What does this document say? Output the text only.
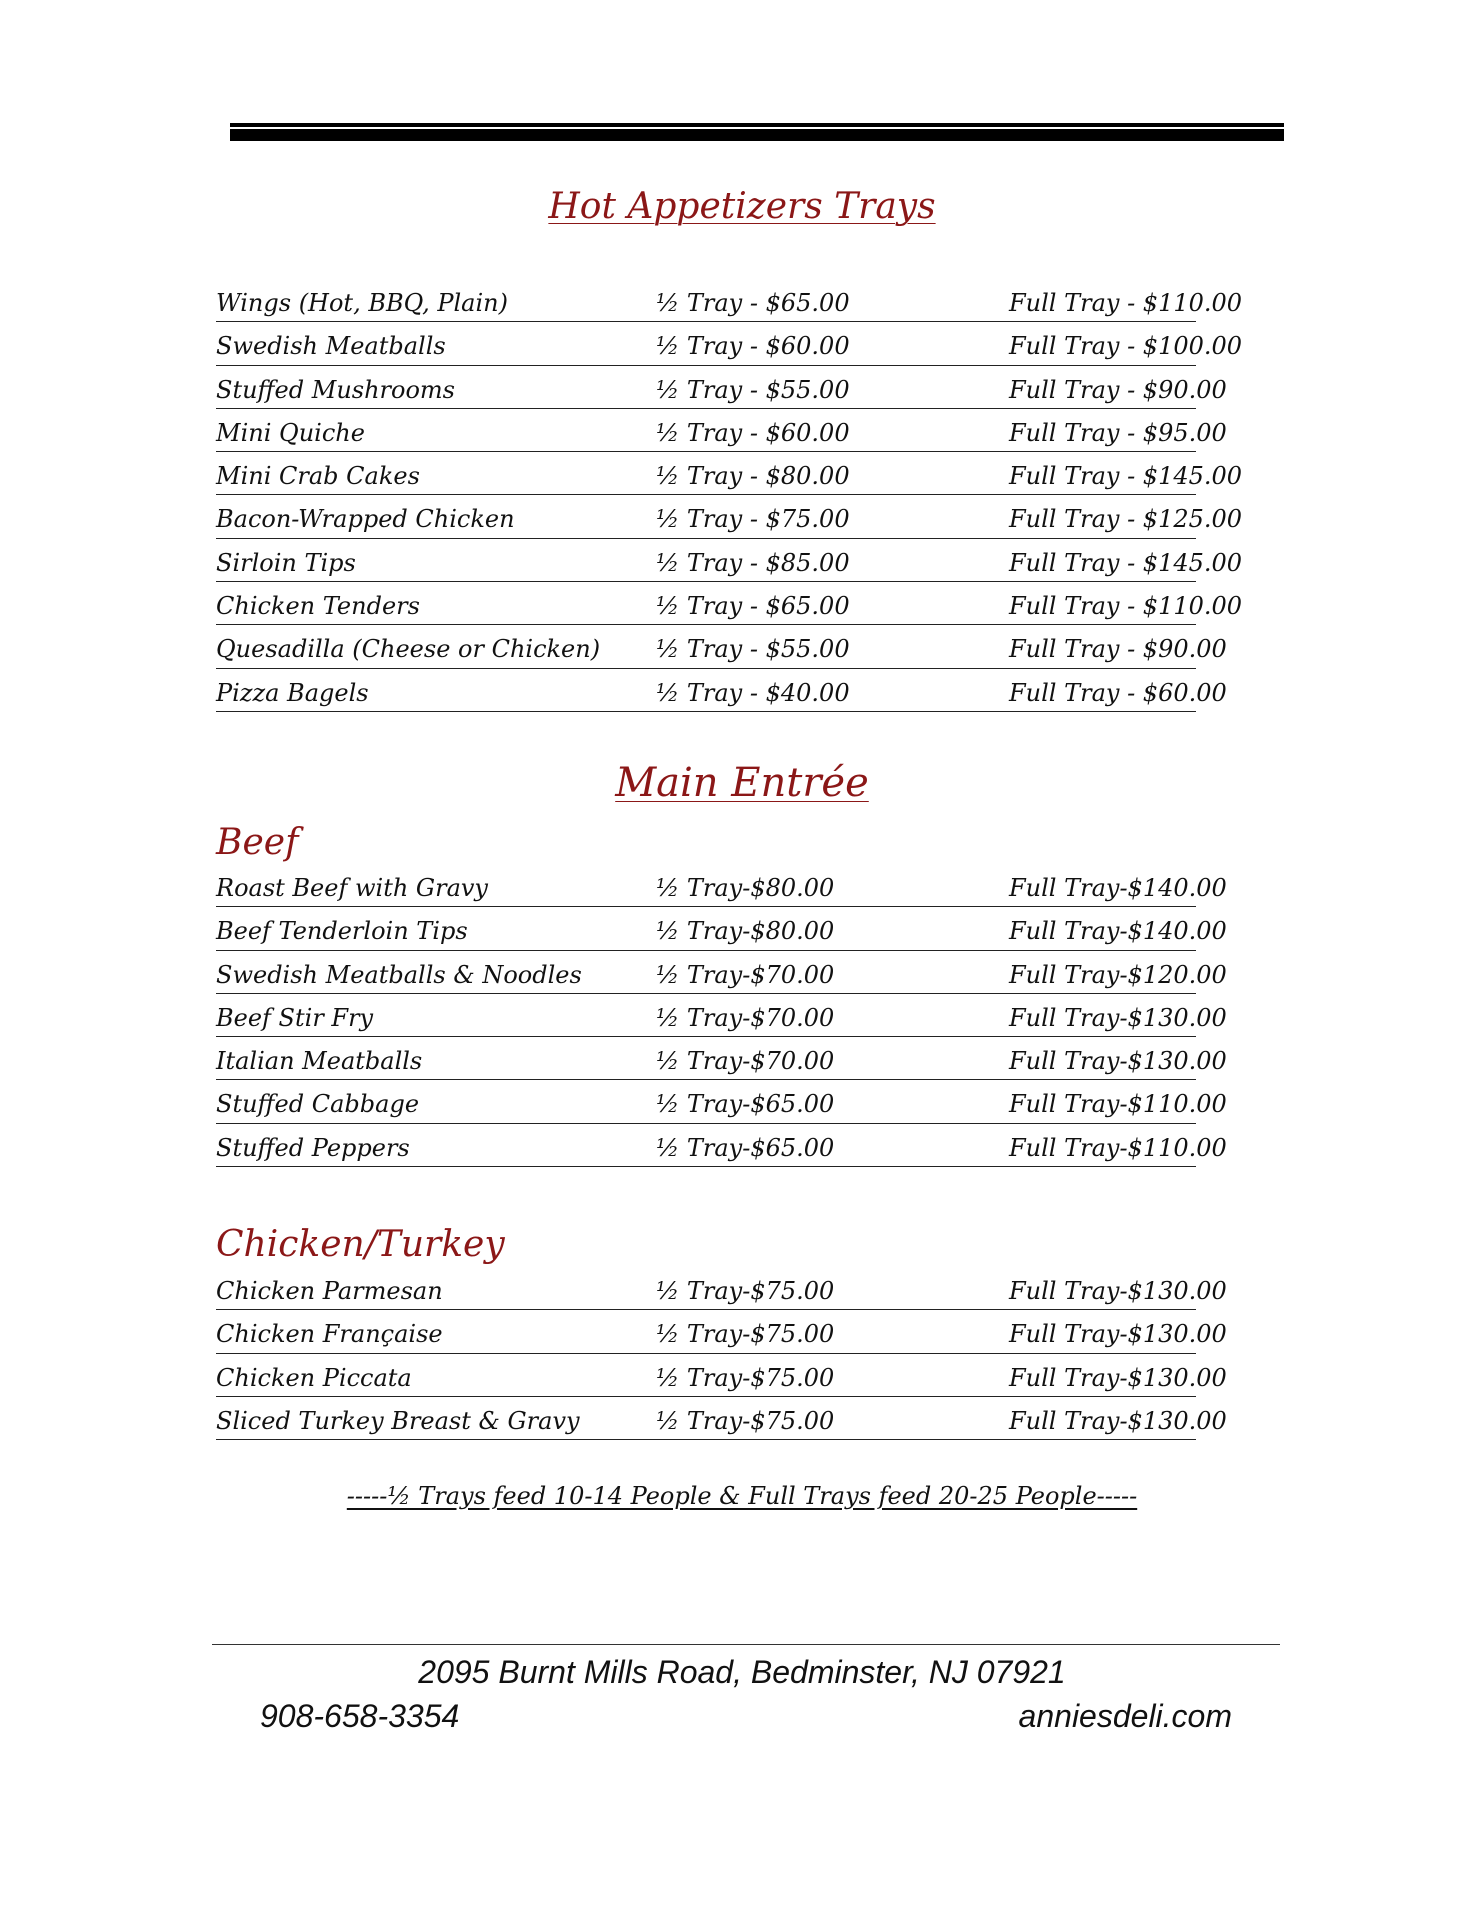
Hot Appetizers Trays
Wings (Hot, BBQ, Plain)	½ Tray - $65.00	Full Tray - $110.00
Swedish Meatballs	½ Tray - $60.00	Full Tray - $100.00
Stuffed Mushrooms	½ Tray - $55.00	Full Tray - $90.00
Mini Quiche	½ Tray - $60.00	Full Tray - $95.00
Mini Crab Cakes	½ Tray - $80.00	Full Tray - $145.00
Bacon-Wrapped Chicken	½ Tray - $75.00	Full Tray - $125.00
Sirloin Tips	½ Tray - $85.00	Full Tray - $145.00
Chicken Tenders	½ Tray - $65.00	Full Tray - $110.00
Quesadilla (Cheese or Chicken) ½ Tray - $55.00	Full Tray - $90.00
Pizza Bagels	½ Tray - $40.00	Full Tray - $60.00
Main Entrée
Beef
Roast Beef with Gravy	½ Tray-$80.00	Full Tray-$140.00
Beef Tenderloin Tips	½ Tray-$80.00	Full Tray-$140.00
Swedish Meatballs & Noodles	½ Tray-$70.00	Full Tray-$120.00
Beef Stir Fry	½ Tray-$70.00	Full Tray-$130.00
Italian Meatballs	½ Tray-$70.00	Full Tray-$130.00
Stuffed Cabbage	½ Tray-$65.00	Full Tray-$110.00
Stuffed Peppers	½ Tray-$65.00	Full Tray-$110.00
Chicken/Turkey
Chicken Parmesan	½ Tray-$75.00	Full Tray-$130.00
Chicken Française	½ Tray-$75.00	Full Tray-$130.00
Chicken Piccata	½ Tray-$75.00	Full Tray-$130.00
Sliced Turkey Breast & Gravy	½ Tray-$75.00	Full Tray-$130.00
-----½ Trays feed 10-14 People & Full Trays feed 20-25 People-----
2095 Burnt Mills Road, Bedminster, NJ 07921
908-658-3354	anniesdeli.com
